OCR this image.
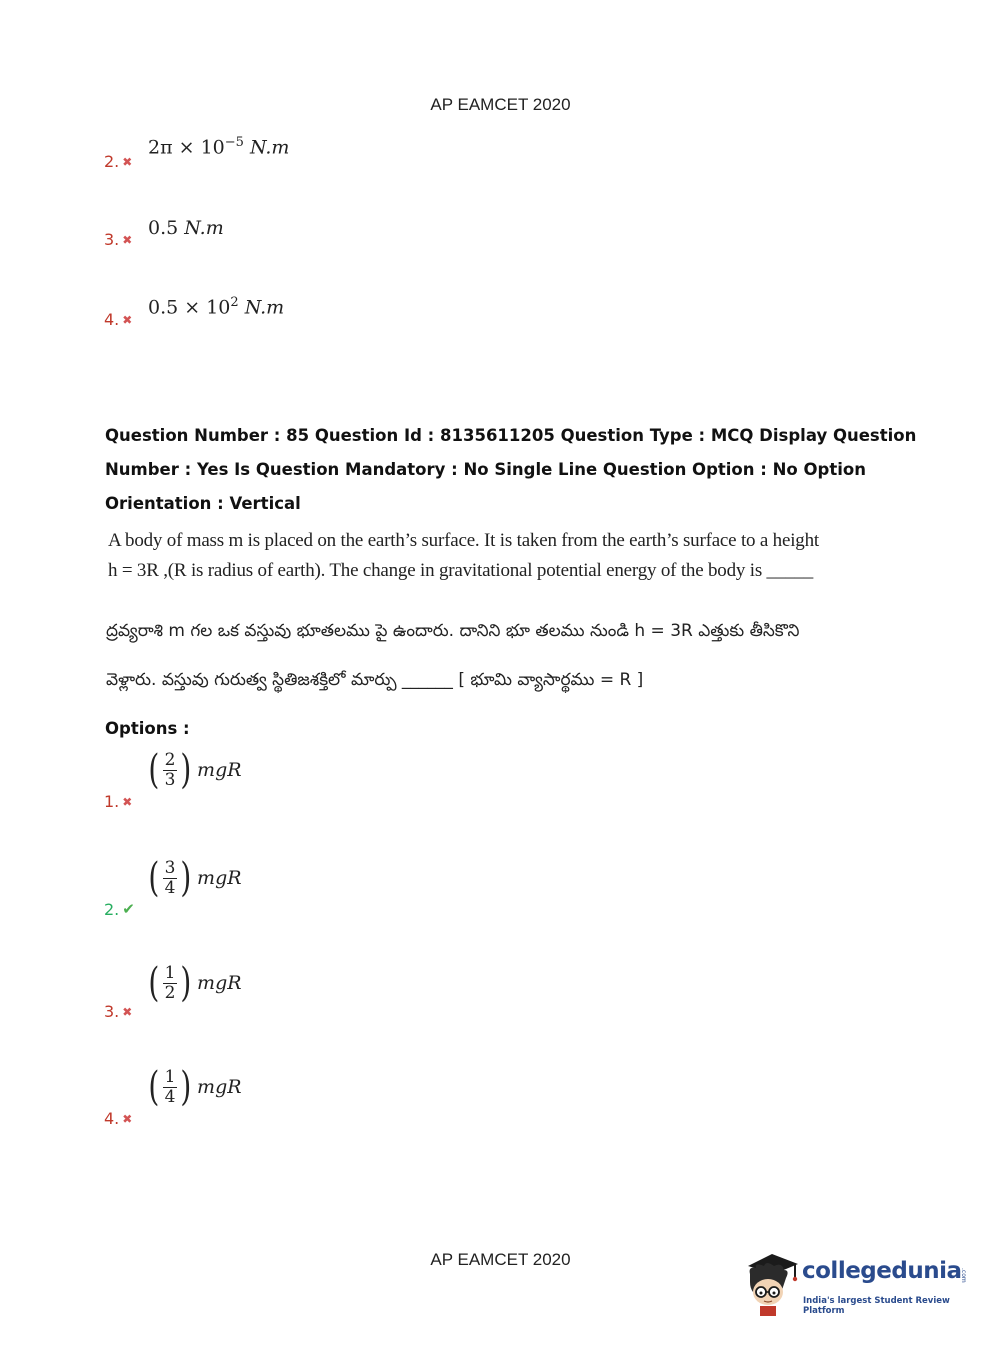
AP EAMCET 2020
2. ✖
$2\pi \times 10^{-5}$ N.m
3. ✖
0.5 N.m
4. ✖
$0.5 \times 10^2$ N.m
Question Number : 85 Question Id : 8135611205 Question Type : MCQ Display Question
Number : Yes Is Question Mandatory : No Single Line Question Option : No Option
Orientation : Vertical
A body of mass m is placed on the earth’s surface. It is taken from the earth’s surface to a height
h = 3R ,(R is radius of earth). The change in gravitational potential energy of the body is _____
ద్రవ్యరాశి m గల ఒక వస్తువు భూతలము పై ఉందారు. దానిని భూ తలము నుండి h = 3R ఎత్తుకు తీసికొని
వెళ్లారు. వస్తువు గురుత్వ స్థితిజశక్తిలో మార్పు ______ [ భూమి వ్యాసార్థము = R ]
Options :
1. ✖
( $\frac{2}{3}$ ) mgR
2. ✔
( $\frac{3}{4}$ ) mgR
3. ✖
( $\frac{1}{2}$ ) mgR
4. ✖
( $\frac{1}{4}$ ) mgR
AP EAMCET 2020	collegedunia
.com
India's largest Student Review Platform
